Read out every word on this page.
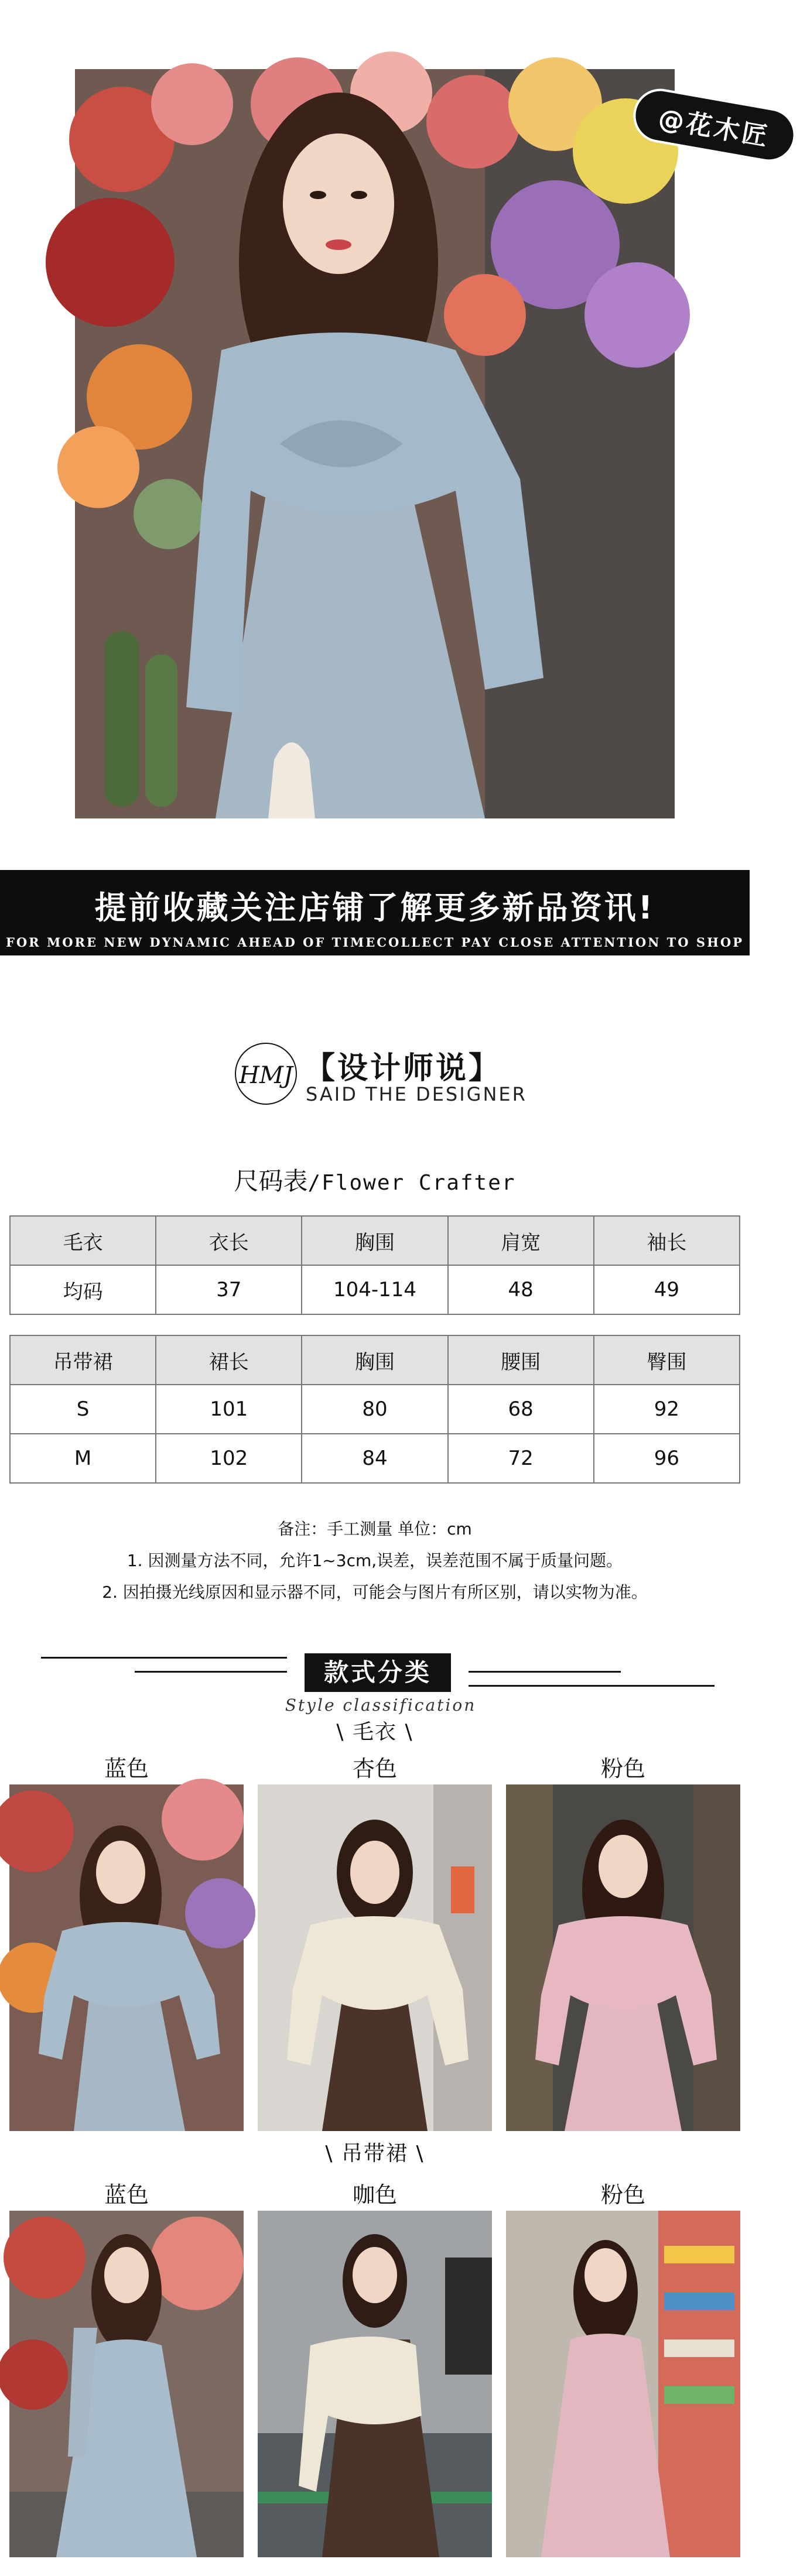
@花木匠
提前收藏关注店铺了解更多新品资讯!
FOR MORE NEW DYNAMIC AHEAD OF TIMECOLLECT PAY CLOSE ATTENTION TO SHOP
HMJ 【设计师说】
SAID THE DESIGNER
尺码表/Flower Crafter
毛衣	衣长	胸围	肩宽	袖长
均码	37	104-114	48	49
吊带裙	裙长	胸围	腰围	臀围
S	101	80	68	92
M	102	84	72	96
备注：手工测量 单位：cm
1. 因测量方法不同，允许1~3cm,误差，误差范围不属于质量问题。
2. 因拍摄光线原因和显示器不同，可能会与图片有所区别，请以实物为准。
款式分类
Style classification
\ 毛衣 \
蓝色	杏色	粉色
\ 吊带裙 \
蓝色	咖色	粉色
